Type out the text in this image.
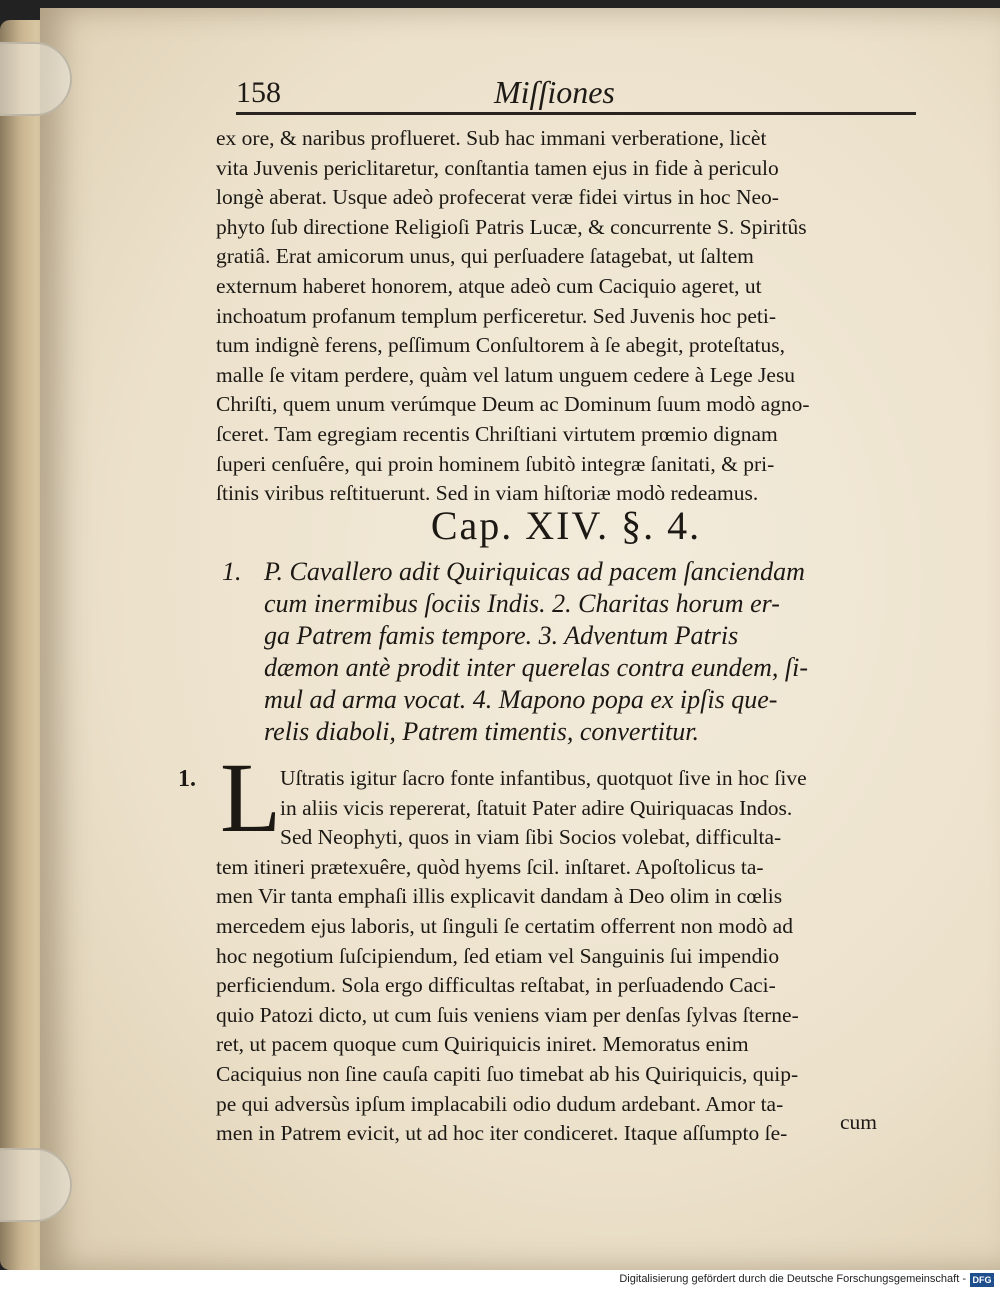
158	Miſſiones

ex ore, & naribus proflueret. Sub hac immani verberatione, licèt

vita Juvenis periclitaretur, conſtantia tamen ejus in fide à periculo

longè aberat. Usque adeò profecerat veræ fidei virtus in hoc Neo-

phyto ſub directione Religioſi Patris Lucæ, & concurrente S. Spiritûs

gratiâ. Erat amicorum unus, qui perſuadere ſatagebat, ut ſaltem

externum haberet honorem, atque adeò cum Caciquio ageret, ut

inchoatum profanum templum perficeretur. Sed Juvenis hoc peti-

tum indignè ferens, peſſimum Conſultorem à ſe abegit, proteſtatus,

malle ſe vitam perdere, quàm vel latum unguem cedere à Lege Jesu

Chriſti, quem unum verúmque Deum ac Dominum ſuum modò agno-

ſceret. Tam egregiam recentis Chriſtiani virtutem prœmio dignam

ſuperi cenſuêre, qui proin hominem ſubitò integræ ſanitati, & pri-

ſtinis viribus reſtituerunt. Sed in viam hiſtoriæ modò redeamus.

Cap. XIV. §. 4.
1. P. Cavallero adit Quiriquicas ad pacem ſanciendam
cum inermibus ſociis Indis. 2. Charitas horum er-
ga Patrem famis tempore. 3. Adventum Patris
dæmon antè prodit inter querelas contra eundem, ſi-
mul ad arma vocat. 4. Mapono popa ex ipſis que-
relis diaboli, Patrem timentis, convertitur.
1. L

Uſtratis igitur ſacro fonte infantibus, quotquot ſive in hoc ſive

in aliis vicis repererat, ſtatuit Pater adire Quiriquacas Indos.

Sed Neophyti, quos in viam ſibi Socios volebat, difficulta-

tem itineri prætexuêre, quòd hyems ſcil. inſtaret. Apoſtolicus ta-

men Vir tanta emphaſi illis explicavit dandam à Deo olim in cœlis

mercedem ejus laboris, ut ſinguli ſe certatim offerrent non modò ad

hoc negotium ſuſcipiendum, ſed etiam vel Sanguinis ſui impendio

perficiendum. Sola ergo difficultas reſtabat, in perſuadendo Caci-

quio Patozi dicto, ut cum ſuis veniens viam per denſas ſylvas ſterne-

ret, ut pacem quoque cum Quiriquicis iniret. Memoratus enim

Caciquius non ſine cauſa capiti ſuo timebat ab his Quiriquicis, quip-

pe qui adversùs ipſum implacabili odio dudum ardebant. Amor ta-

men in Patrem evicit, ut ad hoc iter condiceret. Itaque aſſumpto ſe-	cum
Digitalisierung gefördert durch die Deutsche Forschungsgemeinschaft - DFG
